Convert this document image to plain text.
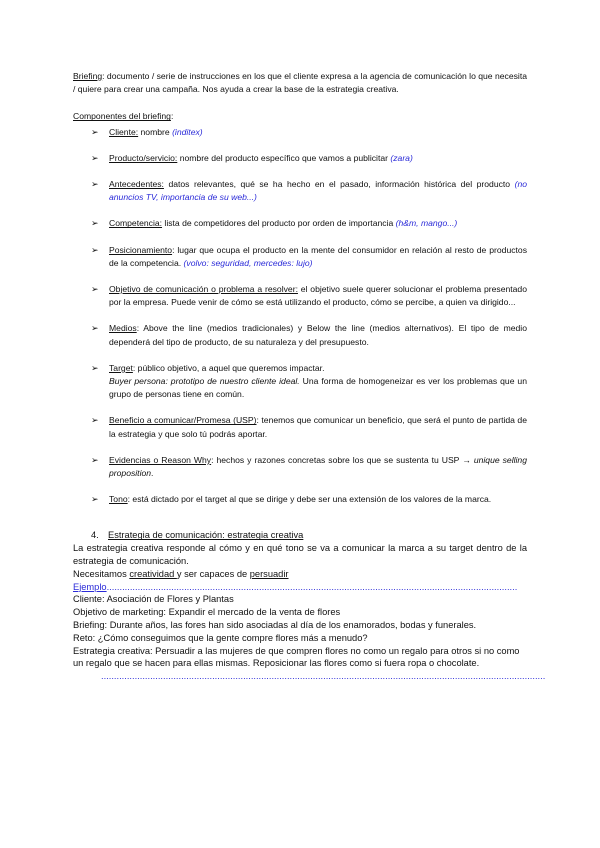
Briefing: documento / serie de instrucciones en los que el cliente expresa a la agencia de comunicación lo que necesita / quiere para crear una campaña. Nos ayuda a crear la base de la estrategia creativa.

Componentes del briefing:
➢ Cliente: nombre (inditex)
➢ Producto/servicio: nombre del producto específico que vamos a publicitar (zara)
➢ Antecedentes: datos relevantes, qué se ha hecho en el pasado, información histórica del producto (no anuncios TV, importancia de su web...)
➢ Competencia: lista de competidores del producto por orden de importancia (h&m, mango...)
➢ Posicionamiento: lugar que ocupa el producto en la mente del consumidor en relación al resto de productos de la competencia. (volvo: seguridad, mercedes: lujo)
➢ Objetivo de comunicación o problema a resolver: el objetivo suele querer solucionar el problema presentado por la empresa. Puede venir de cómo se está utilizando el producto, cómo se percibe, a quien va dirigido...
➢ Medios: Above the line (medios tradicionales) y Below the line (medios alternativos). El tipo de medio dependerá del tipo de producto, de su naturaleza y del presupuesto.
➢ Target: público objetivo, a aquel que queremos impactar.
Buyer persona: prototipo de nuestro cliente ideal. Una forma de homogeneizar es ver los problemas que un grupo de personas tiene en común.
➢ Beneficio a comunicar/Promesa (USP): tenemos que comunicar un beneficio, que será el punto de partida de la estrategia y que solo tú podrás aportar.
➢ Evidencias o Reason Why: hechos y razones concretas sobre los que se sustenta tu USP → unique selling proposition.
➢ Tono: está dictado por el target al que se dirige y debe ser una extensión de los valores de la marca.
4. Estrategia de comunicación: estrategia creativa
La estrategia creativa responde al cómo y en qué tono se va a comunicar la marca a su target dentro de la estrategia de comunicación.
Necesitamos creatividad y ser capaces de persuadir
Ejemplo...............................................................................................................................................................
Cliente: Asociación de Flores y Plantas
Objetivo de marketing: Expandir el mercado de la venta de flores
Briefing: Durante años, las fores han sido asociadas al día de los enamorados, bodas y funerales.
Reto: ¿Cómo conseguimos que la gente compre flores más a menudo?
Estrategia creativa: Persuadir a las mujeres de que compren flores no como un regalo para otros si no como un regalo que se hacen para ellas mismas. Reposicionar las flores como si fuera ropa o chocolate.
............................................................................................................................................................................
